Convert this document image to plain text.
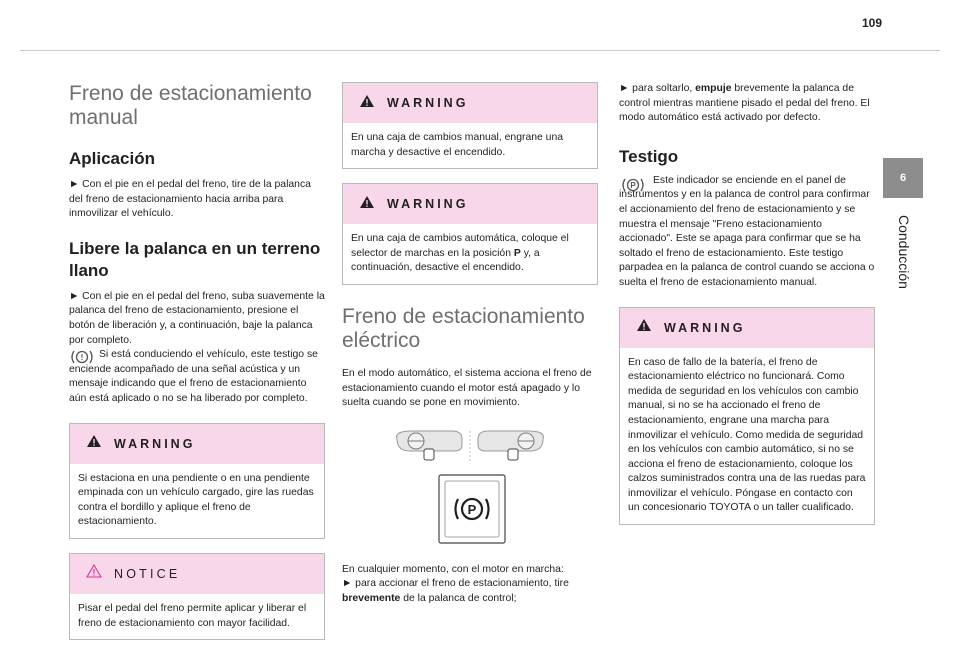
109
6
Conducción
Freno de estacionamiento manual
Aplicación

► Con el pie en el pedal del freno, tire de la palanca del freno de estacionamiento hacia arriba para inmovilizar el vehículo.

Libere la palanca en un terreno llano

► Con el pie en el pedal del freno, suba suavemente la palanca del freno de estacionamiento, presione el botón de liberación y, a continuación, baje la palanca por completo.

!	Si está conduciendo el vehículo, este testigo se enciende acompañado de una señal acústica y un mensaje indicando que el freno de estacionamiento aún está aplicado o no se ha liberado por completo.

WARNING

Si estaciona en una pendiente o en una pendiente empinada con un vehículo cargado, gire las ruedas contra el bordillo y aplique el freno de estacionamiento.

NOTICE

Pisar el pedal del freno permite aplicar y liberar el freno de estacionamiento con mayor facilidad.

WARNING

En una caja de cambios manual, engrane una marcha y desactive el encendido.

WARNING

En una caja de cambios automática, coloque el selector de marchas en la posición P y, a continuación, desactive el encendido.

Freno de estacionamiento eléctrico

En el modo automático, el sistema acciona el freno de estacionamiento cuando el motor está apagado y lo suelta cuando se pone en movimiento.

P

En cualquier momento, con el motor en marcha:

► para accionar el freno de estacionamiento, tire brevemente de la palanca de control;

► para soltarlo, empuje brevemente la palanca de control mientras mantiene pisado el pedal del freno. El modo automático está activado por defecto.

Testigo
P	Este indicador se enciende en el panel de instrumentos y en la palanca de control para confirmar el accionamiento del freno de estacionamiento y se muestra el mensaje "Freno estacionamiento accionado". Este se apaga para confirmar que se ha soltado el freno de estacionamiento. Este testigo parpadea en la palanca de control cuando se acciona o suelta el freno de estacionamiento manual.

WARNING

En caso de fallo de la batería, el freno de estacionamiento eléctrico no funcionará. Como medida de seguridad en los vehículos con cambio manual, si no se ha accionado el freno de estacionamiento, engrane una marcha para inmovilizar el vehículo. Como medida de seguridad en los vehículos con cambio automático, si no se acciona el freno de estacionamiento, coloque los calzos suministrados contra una de las ruedas para inmovilizar el vehículo. Póngase en contacto con un concesionario TOYOTA o un taller cualificado.
